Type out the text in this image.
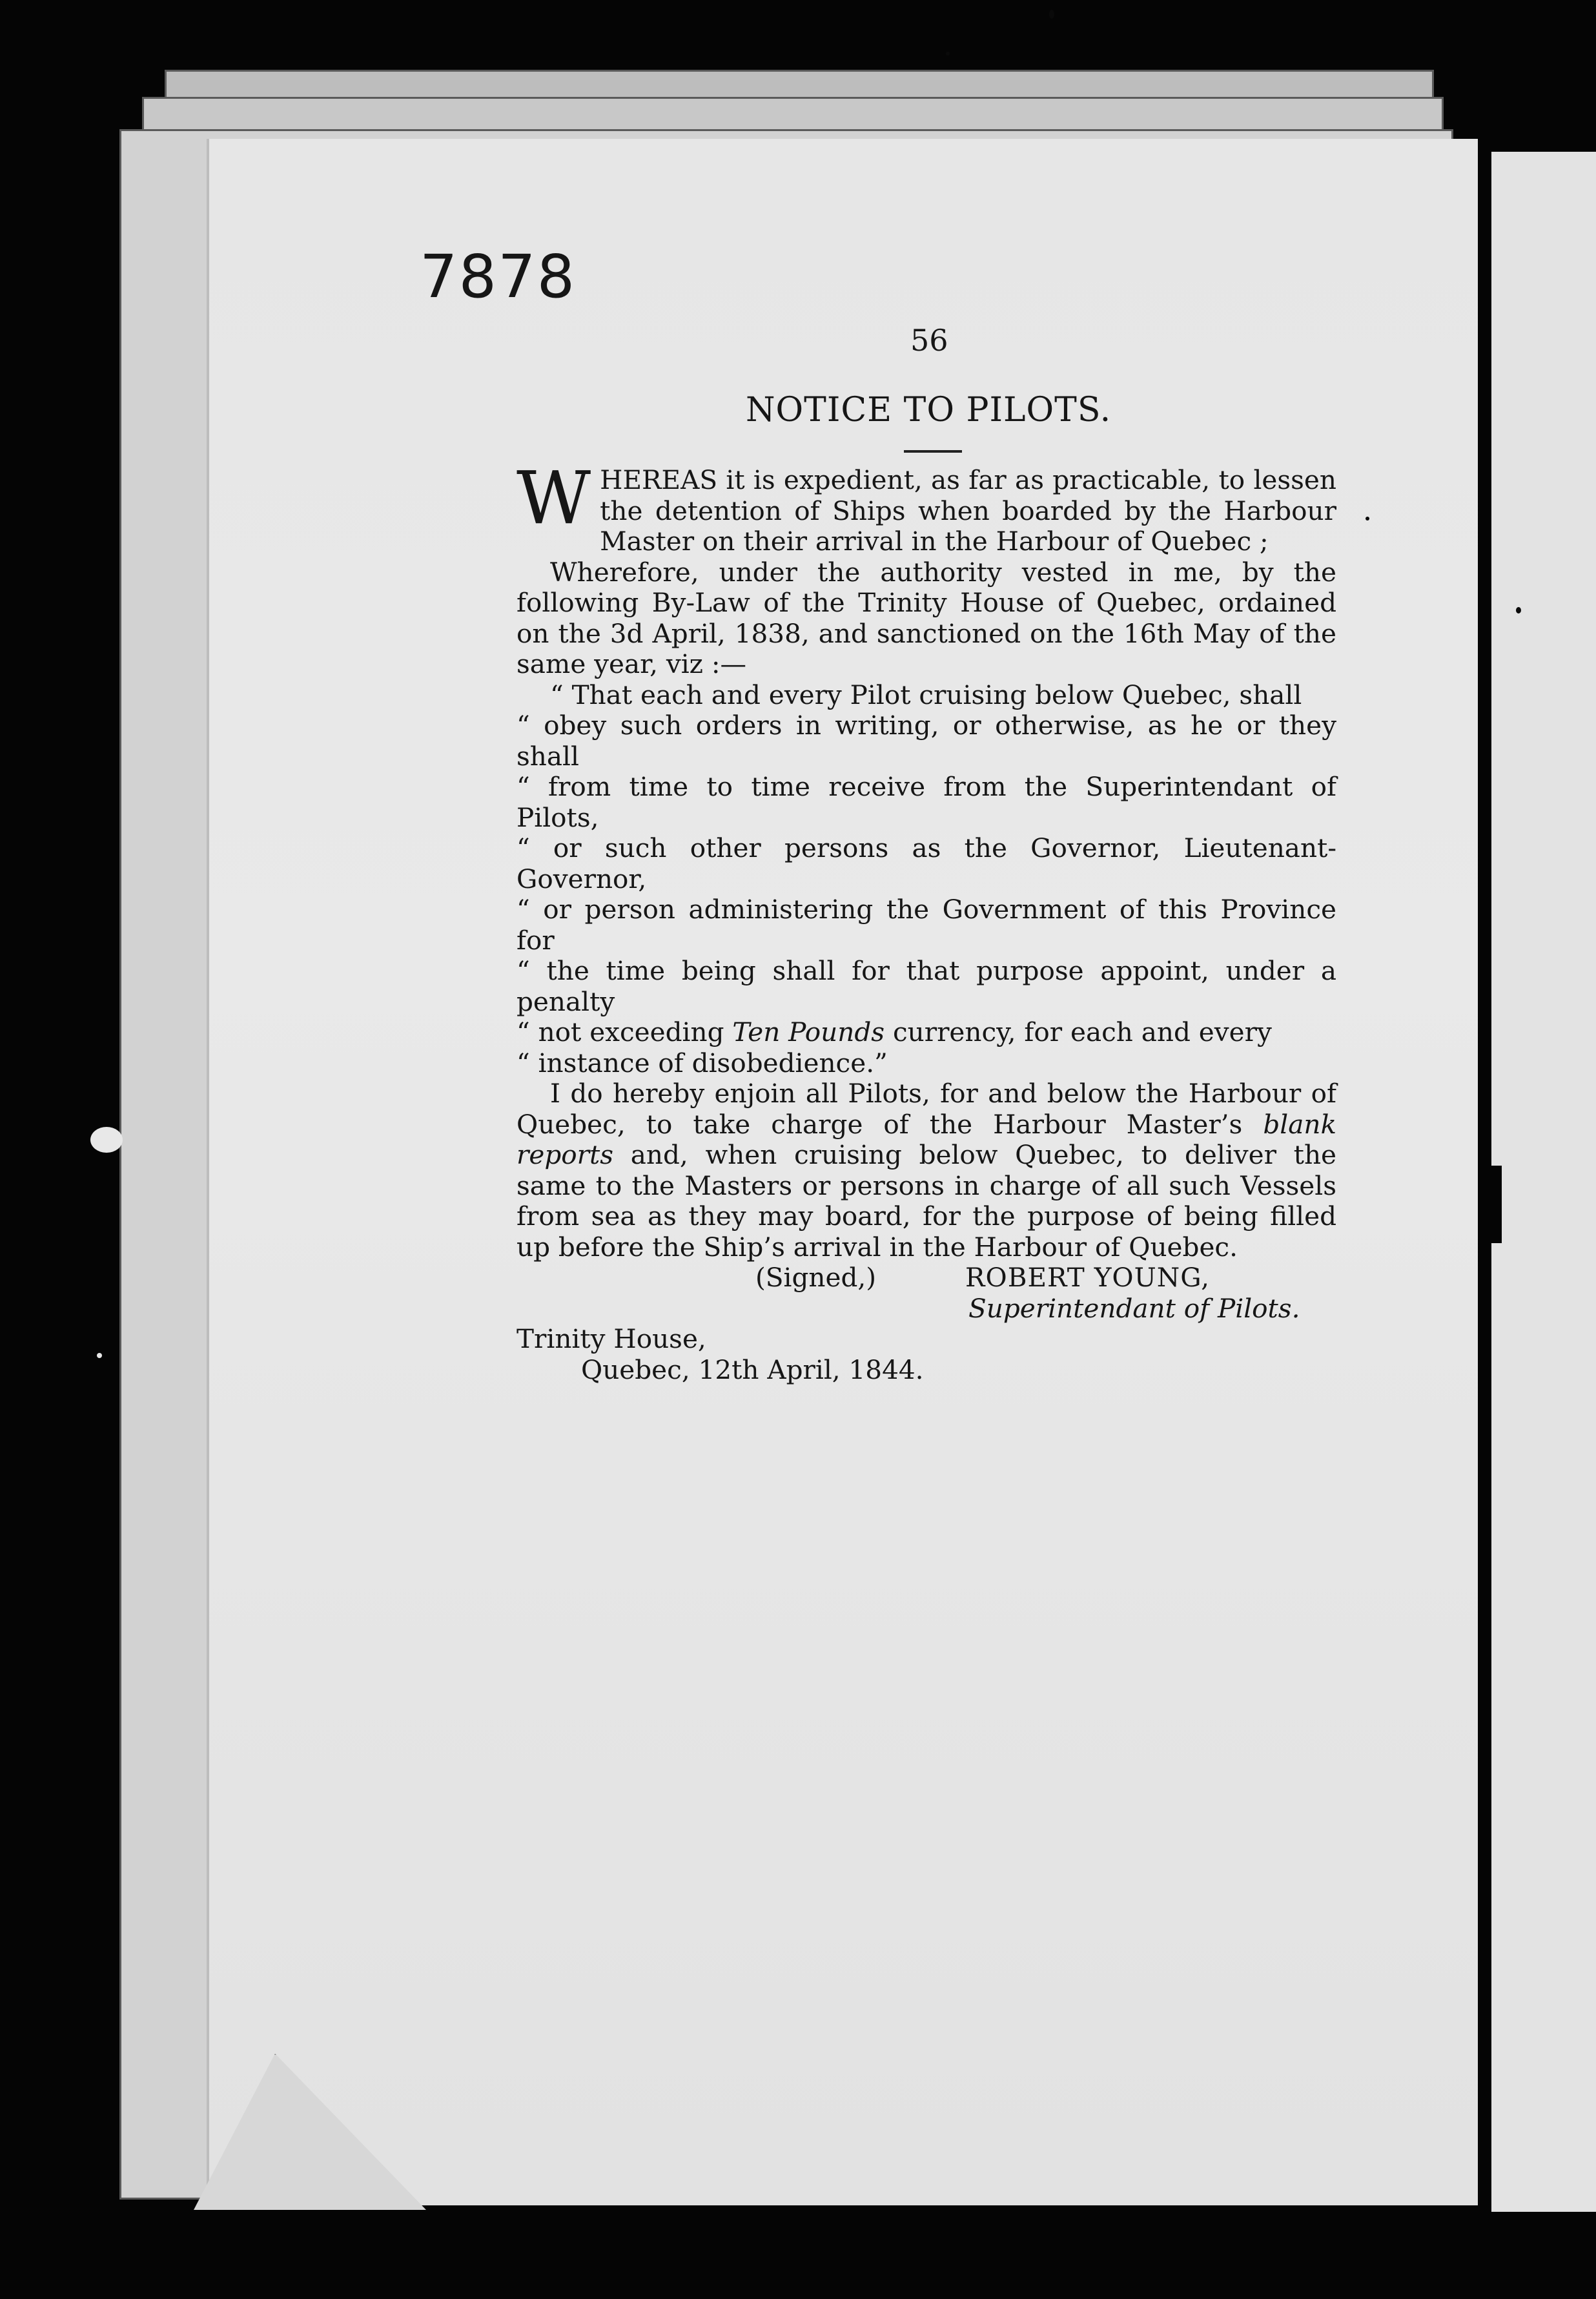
7878
56
NOTICE TO PILOTS.

W HEREAS it is expedient, as far as practicable, to lessen the detention of Ships when boarded by the Harbour Master on their arrival in the Harbour of Quebec ;

Wherefore, under the authority vested in me, by the following By-Law of the Trinity House of Quebec, ordained on the 3d April, 1838, and sanctioned on the 16th May of the same year, viz :—

“ That each and every Pilot cruising below Quebec, shall

“ obey such orders in writing, or otherwise, as he or they shall

“ from time to time receive from the Superintendant of Pilots,

“ or such other persons as the Governor, Lieutenant-Governor,

“ or person administering the Government of this Province for

“ the time being shall for that purpose appoint, under a penalty

“ not exceeding Ten Pounds currency, for each and every

“ instance of disobedience.”

I do hereby enjoin all Pilots, for and below the Harbour of Quebec, to take charge of the Harbour Master’s blank reports and, when cruising below Quebec, to deliver the same to the Masters or persons in charge of all such Vessels from sea as they may board, for the purpose of being filled up before the Ship’s arrival in the Harbour of Quebec.

(Signed,)	ROBERT YOUNG,
Superintendant of Pilots.

Trinity House,

Quebec, 12th April, 1844.
